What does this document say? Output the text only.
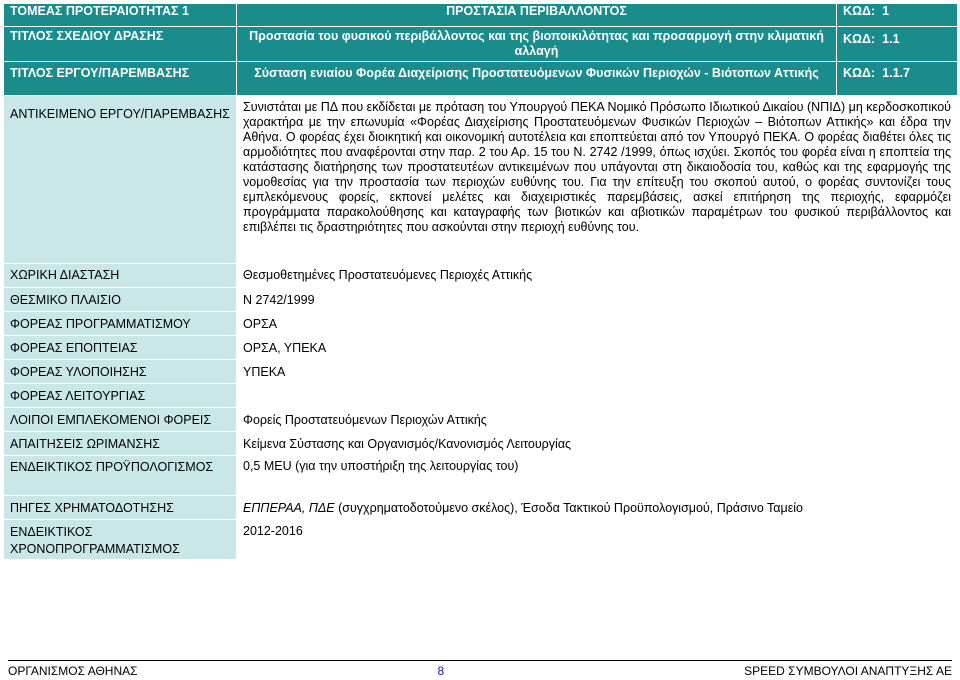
ΤΟΜΕΑΣ ΠΡΟΤΕΡΑΙΟΤΗΤΑΣ 1	ΠΡΟΣΤΑΣΙΑ ΠΕΡΙΒΑΛΛΟΝΤΟΣ	ΚΩΔ: 1
ΤΙΤΛΟΣ ΣΧΕΔΙΟΥ ΔΡΑΣΗΣ	Προστασία του φυσικού περιβάλλοντος και της βιοποικιλότητας και προσαρμογή στην κλιματική αλλαγή	ΚΩΔ: 1.1
ΤΙΤΛΟΣ ΕΡΓΟΥ/ΠΑΡΕΜΒΑΣΗΣ	Σύσταση ενιαίου Φορέα Διαχείρισης Προστατευόμενων Φυσικών Περιοχών - Βιότοπων Αττικής	ΚΩΔ: 1.1.7
ΑΝΤΙΚΕΙΜΕΝΟ ΕΡΓΟΥ/ΠΑΡΕΜΒΑΣΗΣ	Συνιστάται με ΠΔ που εκδίδεται με πρόταση του Υπουργού ΠΕΚΑ Νομικό Πρόσωπο Ιδιωτικού Δικαίου (ΝΠΙΔ) μη κερδοσκοπικού χαρακτήρα με την επωνυμία «Φορέας Διαχείρισης Προστατευόμενων Φυσικών Περιοχών – Βιότοπων Αττικής» και έδρα την Αθήνα. Ο φορέας έχει διοικητική και οικονομική αυτοτέλεια και εποπτεύεται από τον Υπουργό ΠΕΚΑ. Ο φορέας διαθέτει όλες τις αρμοδιότητες που αναφέρονται στην παρ. 2 του Αρ. 15 του Ν. 2742 /1999, όπως ισχύει. Σκοπός του φορέα είναι η εποπτεία της κατάστασης διατήρησης των προστατευτέων αντικειμένων που υπάγονται στη δικαιοδοσία του, καθώς και της εφαρμογής της νομοθεσίας για την προστασία των περιοχών ευθύνης του. Για την επίτευξη του σκοπού αυτού, ο φορέας συντονίζει τους εμπλεκόμενους φορείς, εκπονεί μελέτες και διαχειριστικές παρεμβάσεις, ασκεί επιτήρηση της περιοχής, εφαρμόζει προγράμματα παρακολούθησης και καταγραφής των βιοτικών και αβιοτικών παραμέτρων του φυσικού περιβάλλοντος και επιβλέπει τις δραστηριότητες που ασκούνται στην περιοχή ευθύνης του.	
ΧΩΡΙΚΗ ΔΙΑΣΤΑΣΗ	Θεσμοθετημένες Προστατευόμενες Περιοχές Αττικής	
ΘΕΣΜΙΚΟ ΠΛΑΙΣΙΟ	Ν 2742/1999	
ΦΟΡΕΑΣ ΠΡΟΓΡΑΜΜΑΤΙΣΜΟΥ	ΟΡΣΑ	
ΦΟΡΕΑΣ ΕΠΟΠΤΕΙΑΣ	ΟΡΣΑ, ΥΠΕΚΑ	
ΦΟΡΕΑΣ ΥΛΟΠΟΙΗΣΗΣ	ΥΠΕΚΑ	
ΦΟΡΕΑΣ ΛΕΙΤΟΥΡΓΙΑΣ		
ΛΟΙΠΟΙ ΕΜΠΛΕΚΟΜΕΝΟΙ ΦΟΡΕΙΣ	Φορείς Προστατευόμενων Περιοχών Αττικής	
ΑΠΑΙΤΗΣΕΙΣ ΩΡΙΜΑΝΣΗΣ	Κείμενα Σύστασης και Οργανισμός/Κανονισμός Λειτουργίας	
ΕΝΔΕΙΚΤΙΚΟΣ ΠΡΟΫΠΟΛΟΓΙΣΜΟΣ	0,5 MEU (για την υποστήριξη της λειτουργίας του)	
ΠΗΓΕΣ ΧΡΗΜΑΤΟΔΟΤΗΣΗΣ	ΕΠΠΕΡΑΑ, ΠΔΕ (συγχρηματοδοτούμενο σκέλος), Έσοδα Τακτικού Προϋπολογισμού, Πράσινο Ταμείο	
ΕΝΔΕΙΚΤΙΚΟΣ ΧΡΟΝΟΠΡΟΓΡΑΜΜΑΤΙΣΜΟΣ	2012-2016	
ΟΡΓΑΝΙΣΜΟΣ ΑΘΗΝΑΣ	8	SPEED ΣΥΜΒΟΥΛΟΙ ΑΝΑΠΤΥΞΗΣ ΑΕ
